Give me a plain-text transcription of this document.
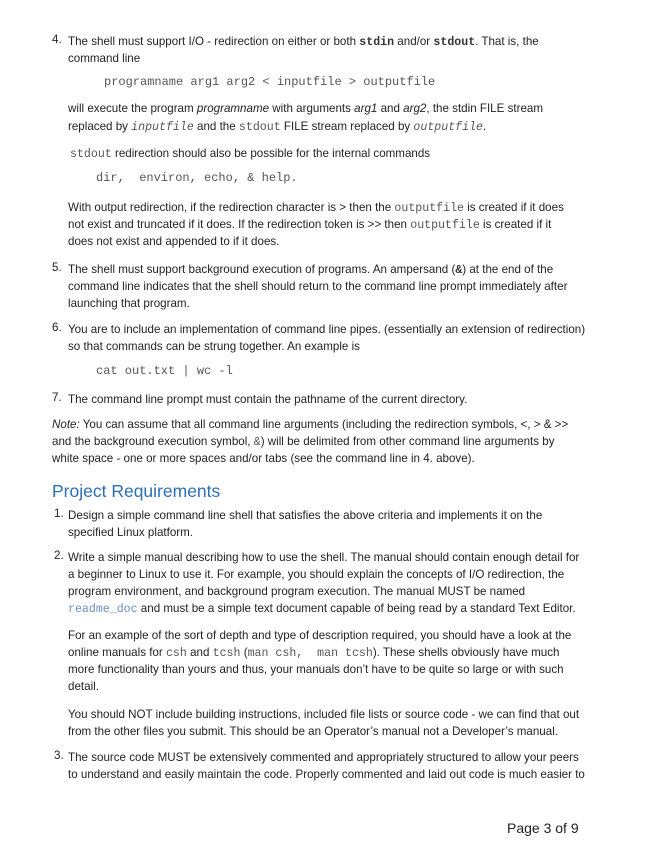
4. The shell must support I/O - redirection on either or both stdin and/or stdout. That is, the
command line
programname arg1 arg2 < inputfile > outputfile
will execute the program programname with arguments arg1 and arg2, the stdin FILE stream
replaced by inputfile and the stdout FILE stream replaced by outputfile.
stdout redirection should also be possible for the internal commands
dir,  environ, echo, & help.
With output redirection, if the redirection character is > then the outputfile is created if it does
not exist and truncated if it does. If the redirection token is >> then outputfile is created if it
does not exist and appended to if it does.
5. The shell must support background execution of programs. An ampersand (&) at the end of the
command line indicates that the shell should return to the command line prompt immediately after
launching that program.
6. You are to include an implementation of command line pipes. (essentially an extension of redirection)
so that commands can be strung together. An example is
cat out.txt | wc -l
7. The command line prompt must contain the pathname of the current directory.
Note: You can assume that all command line arguments (including the redirection symbols, <, > & >>
and the background execution symbol, &) will be delimited from other command line arguments by
white space - one or more spaces and/or tabs (see the command line in 4. above).
Project Requirements
1. Design a simple command line shell that satisfies the above criteria and implements it on the
specified Linux platform.
2. Write a simple manual describing how to use the shell. The manual should contain enough detail for
a beginner to Linux to use it. For example, you should explain the concepts of I/O redirection, the
program environment, and background program execution. The manual MUST be named
readme_doc and must be a simple text document capable of being read by a standard Text Editor.
For an example of the sort of depth and type of description required, you should have a look at the
online manuals for csh and tcsh (man csh,  man tcsh). These shells obviously have much
more functionality than yours and thus, your manuals don’t have to be quite so large or with such
detail.
You should NOT include building instructions, included file lists or source code - we can find that out
from the other files you submit. This should be an Operator’s manual not a Developer’s manual.
3. The source code MUST be extensively commented and appropriately structured to allow your peers
to understand and easily maintain the code. Properly commented and laid out code is much easier to
Page 3 of 9
